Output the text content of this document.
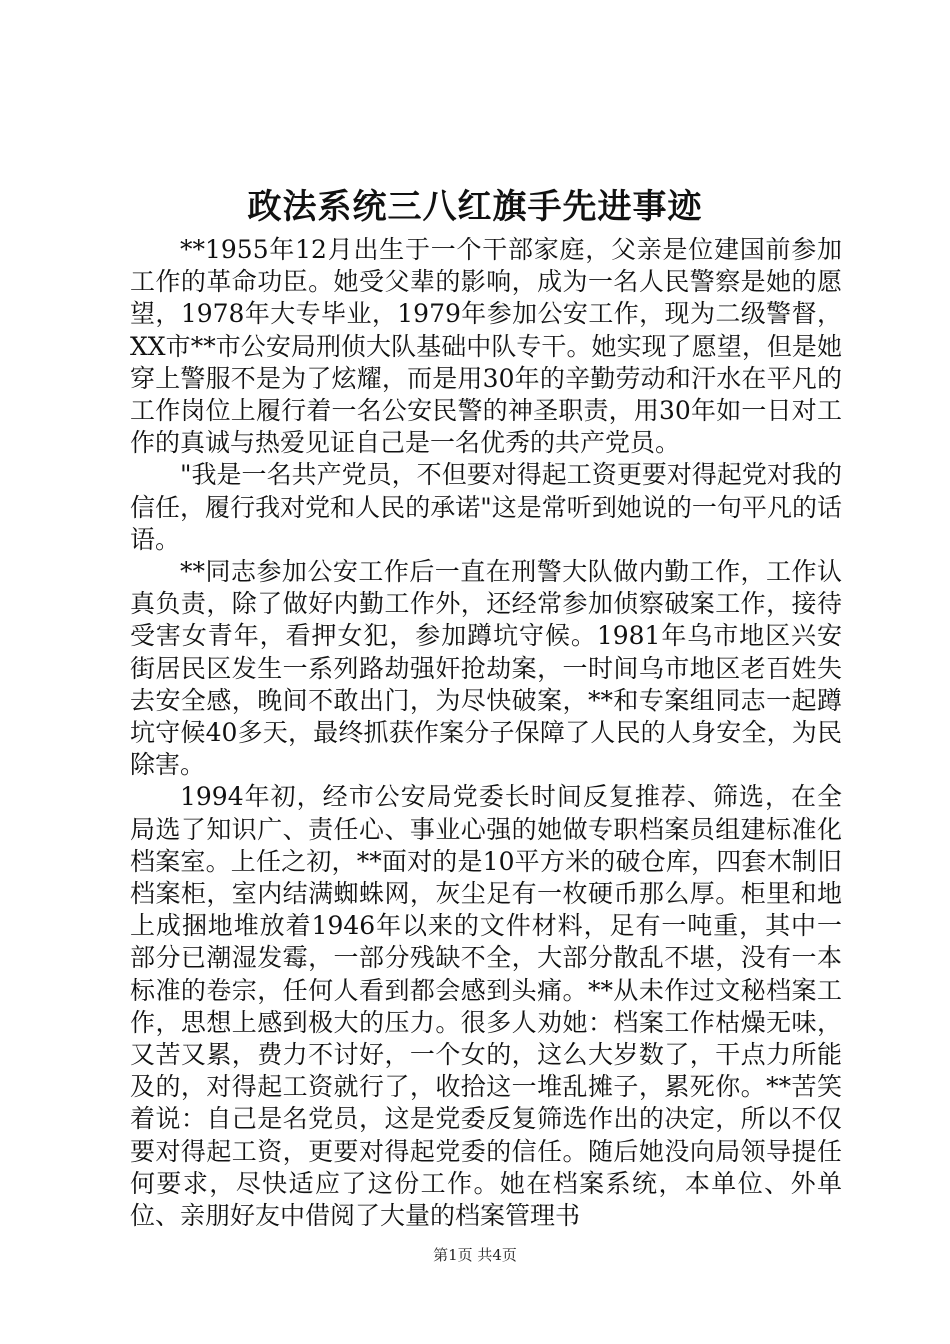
政法系统三八红旗手先进事迹

**1955年12月出生于一个干部家庭，父亲是位建国前参加工作的革命功臣。她受父辈的影响，成为一名人民警察是她的愿望，1978年大专毕业，1979年参加公安工作，现为二级警督，XX市**市公安局刑侦大队基础中队专干。她实现了愿望，但是她穿上警服不是为了炫耀，而是用30年的辛勤劳动和汗水在平凡的工作岗位上履行着一名公安民警的神圣职责，用30年如一日对工作的真诚与热爱见证自己是一名优秀的共产党员。

"我是一名共产党员，不但要对得起工资更要对得起党对我的信任，履行我对党和人民的承诺"这是常听到她说的一句平凡的话语。

**同志参加公安工作后一直在刑警大队做内勤工作，工作认真负责，除了做好内勤工作外，还经常参加侦察破案工作，接待受害女青年，看押女犯，参加蹲坑守候。1981年乌市地区兴安街居民区发生一系列路劫强奸抢劫案，一时间乌市地区老百姓失去安全感，晚间不敢出门，为尽快破案，**和专案组同志一起蹲坑守候40多天，最终抓获作案分子保障了人民的人身安全，为民除害。

1994年初，经市公安局党委长时间反复推荐、筛选，在全局选了知识广、责任心、事业心强的她做专职档案员组建标准化档案室。上任之初，**面对的是10平方米的破仓库，四套木制旧档案柜，室内结满蜘蛛网，灰尘足有一枚硬币那么厚。柜里和地上成捆地堆放着1946年以来的文件材料，足有一吨重，其中一部分已潮湿发霉，一部分残缺不全，大部分散乱不堪，没有一本标准的卷宗，任何人看到都会感到头痛。**从未作过文秘档案工作，思想上感到极大的压力。很多人劝她：档案工作枯燥无味，又苦又累，费力不讨好，一个女的，这么大岁数了，干点力所能及的，对得起工资就行了，收拾这一堆乱摊子，累死你。**苦笑着说：自己是名党员，这是党委反复筛选作出的决定，所以不仅要对得起工资，更要对得起党委的信任。随后她没向局领导提任何要求，尽快适应了这份工作。她在档案系统，本单位、外单位、亲朋好友中借阅了大量的档案管理书

第1页 共4页
